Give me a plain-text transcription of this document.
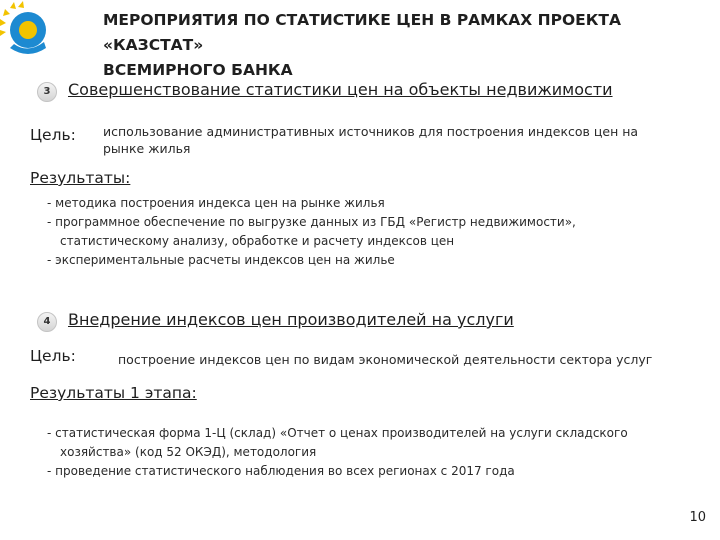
МЕРОПРИЯТИЯ ПО СТАТИСТИКЕ ЦЕН В РАМКАХ ПРОЕКТА «КАЗСТАТ»
ВСЕМИРНОГО БАНКА
3	Совершенствование статистики цен на объекты недвижимости
Цель: использование административных источников для построения индексов цен на
рынке жилья
Результаты:
- методика построения индекса цен на рынке жилья
- программное обеспечение по выгрузке данных из ГБД «Регистр недвижимости»,
статистическому анализу, обработке и расчету индексов цен
- экспериментальные расчеты индексов цен на жилье
4	Внедрение индексов цен производителей на услуги
Цель:	построение индексов цен по видам экономической деятельности сектора услуг
Результаты 1 этапа:
- статистическая форма 1-Ц (склад) «Отчет о ценах производителей на услуги складского
хозяйства» (код 52 ОКЭД), методология
- проведение статистического наблюдения во всех регионах с 2017 года
10
